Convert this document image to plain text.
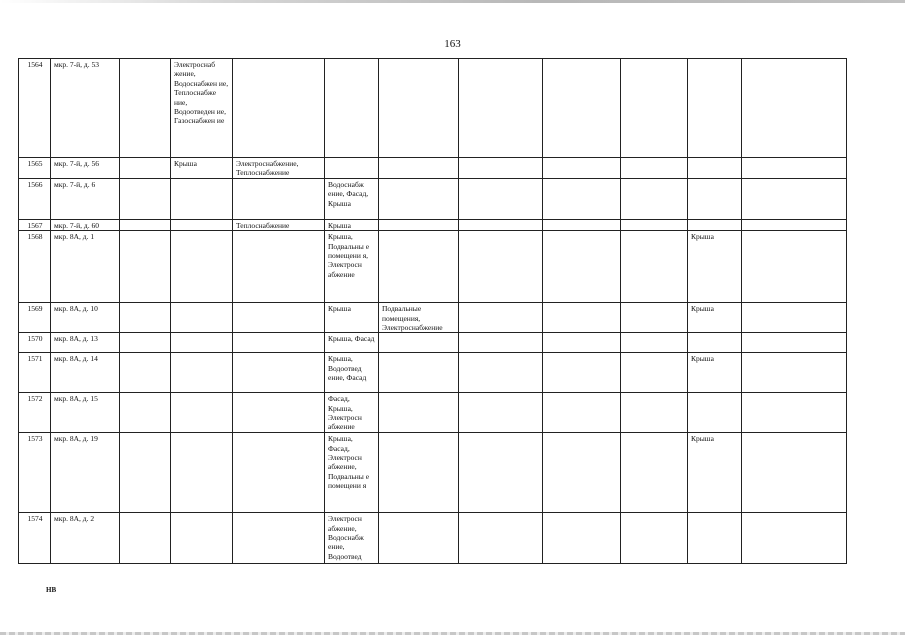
163
1564	мкр. 7-й, д. 53		Электроснаб жение, Водоснабжен ие, Теплоснабже ние, Водоотведен ие, Газоснабжен ие								
1565	мкр. 7-й, д. 56		Крыша	Электроснабжение, Теплоснабжение							
1566	мкр. 7-й, д. 6				Водоснабж ение, Фасад, Крыша						
1567	мкр. 7-й, д. 60			Теплоснабжение	Крыша						
1568	мкр. 8А, д. 1				Крыша, Подвальны е помещени я, Электросн абжение					Крыша	
1569	мкр. 8А, д. 10				Крыша	Подвальные помещения, Электроснабжение				Крыша	
1570	мкр. 8А, д. 13				Крыша, Фасад						
1571	мкр. 8А, д. 14				Крыша, Водоотвед ение, Фасад					Крыша	
1572	мкр. 8А, д. 15				Фасад, Крыша, Электросн абжение						
1573	мкр. 8А, д. 19				Крыша, Фасад, Электросн абжение, Подвальны е помещени я					Крыша	
1574	мкр. 8А, д. 2				Электросн абжение, Водоснабж ение, Водоотвед						
НВ
